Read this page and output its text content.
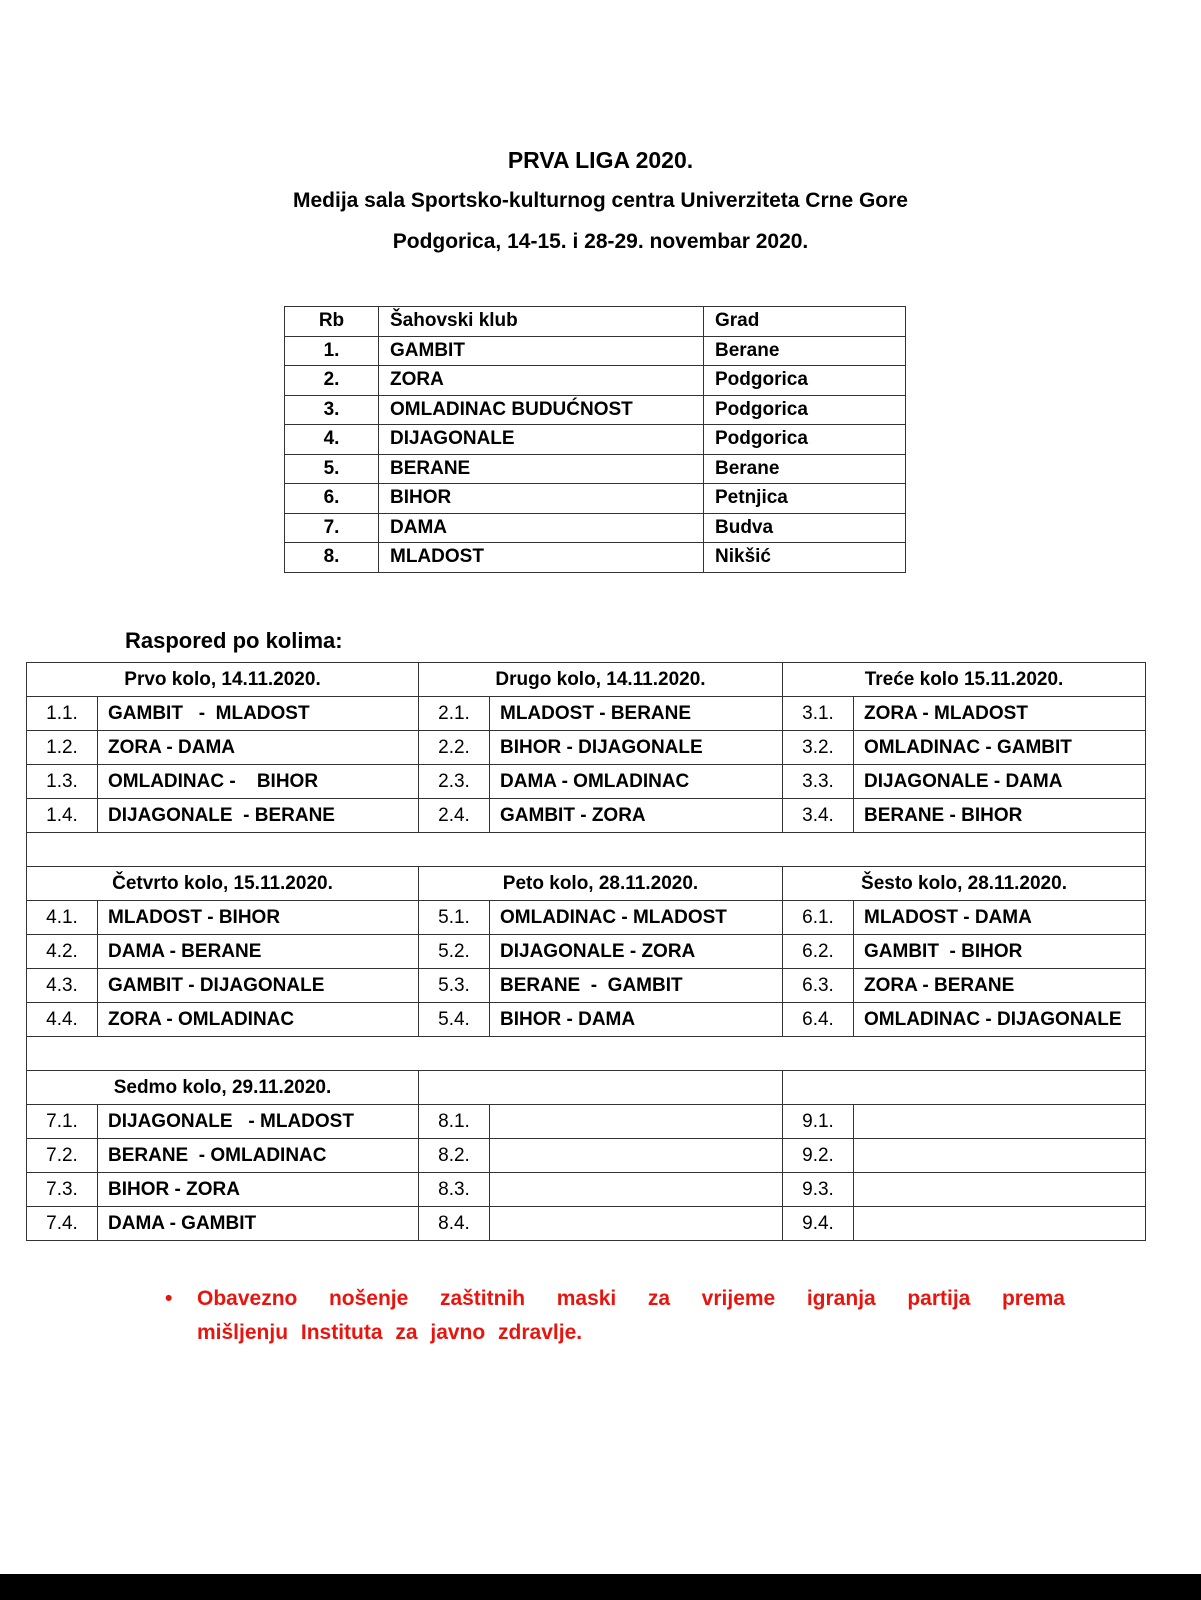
PRVA LIGA 2020.
Medija sala Sportsko-kulturnog centra Univerziteta Crne Gore
Podgorica, 14-15. i 28-29. novembar 2020.
Rb	Šahovski klub	Grad
1.	GAMBIT	Berane
2.	ZORA	Podgorica
3.	OMLADINAC BUDUĆNOST	Podgorica
4.	DIJAGONALE	Podgorica
5.	BERANE	Berane
6.	BIHOR	Petnjica
7.	DAMA	Budva
8.	MLADOST	Nikšić
Raspored po kolima:
Prvo kolo, 14.11.2020.		Drugo kolo, 14.11.2020.		Treće kolo 15.11.2020.	
1.1.	GAMBIT   -  MLADOST	2.1.	MLADOST - BERANE	3.1.	ZORA - MLADOST
1.2.	ZORA - DAMA	2.2.	BIHOR - DIJAGONALE	3.2.	OMLADINAC - GAMBIT
1.3.	OMLADINAC -    BIHOR	2.3.	DAMA - OMLADINAC	3.3.	DIJAGONALE - DAMA
1.4.	DIJAGONALE  - BERANE	2.4.	GAMBIT - ZORA	3.4.	BERANE - BIHOR

Četvrto kolo, 15.11.2020.		Peto kolo, 28.11.2020.		Šesto kolo, 28.11.2020.	
4.1.	MLADOST - BIHOR	5.1.	OMLADINAC - MLADOST	6.1.	MLADOST - DAMA
4.2.	DAMA - BERANE	5.2.	DIJAGONALE - ZORA	6.2.	GAMBIT  - BIHOR
4.3.	GAMBIT - DIJAGONALE	5.3.	BERANE  -  GAMBIT	6.3.	ZORA - BERANE
4.4.	ZORA - OMLADINAC	5.4.	BIHOR - DAMA	6.4.	OMLADINAC - DIJAGONALE

Sedmo kolo, 29.11.2020.					
7.1.	DIJAGONALE   - MLADOST	8.1.		9.1.	
7.2.	BERANE  - OMLADINAC	8.2.		9.2.	
7.3.	BIHOR - ZORA	8.3.		9.3.	
7.4.	DAMA - GAMBIT	8.4.		9.4.	
• Obavezno nošenje zaštitnih maski za vrijeme igranja partija prema
mišljenju Instituta za javno zdravlje.
